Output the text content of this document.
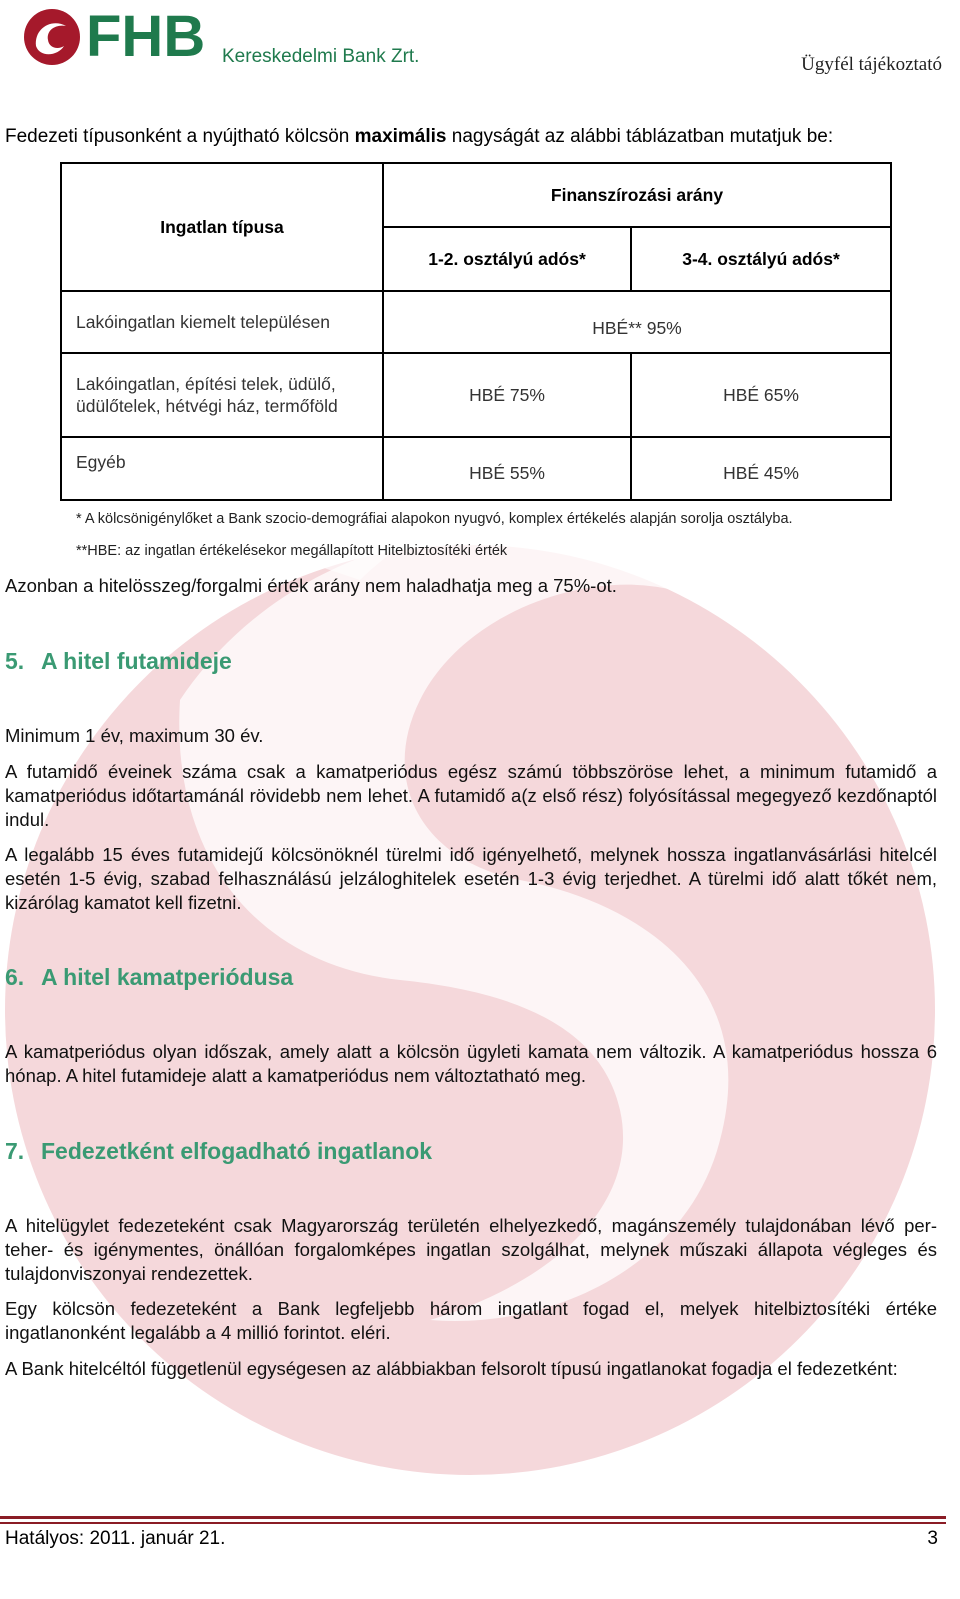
FHB Kereskedelmi Bank Zrt.	Ügyfél tájékoztató
Fedezeti típusonként a nyújtható kölcsön maximális nagyságát az alábbi táblázatban mutatjuk be:
Ingatlan típusa	Finanszírozási arány	
	1-2. osztályú adós*	3-4. osztályú adós*
Lakóingatlan kiemelt településen	HBÉ** 95%	
Lakóingatlan, építési telek, üdülő, üdülőtelek, hétvégi ház, termőföld	HBÉ 75%	HBÉ 65%
Egyéb	HBÉ 55%	HBÉ 45%
* A kölcsönigénylőket a Bank szocio-demográfiai alapokon nyugvó, komplex értékelés alapján sorolja osztályba.
**HBE: az ingatlan értékelésekor megállapított Hitelbiztosítéki érték
Azonban a hitelösszeg/forgalmi érték arány nem haladhatja meg a 75%-ot.
5. A hitel futamideje
Minimum 1 év, maximum 30 év.
A futamidő éveinek száma csak a kamatperiódus egész számú többszöröse lehet, a minimum futamidő a kamatperiódus időtartamánál rövidebb nem lehet. A futamidő a(z első rész) folyósítással megegyező kezdőnaptól indul.
A legalább 15 éves futamidejű kölcsönöknél türelmi idő igényelhető, melynek hossza ingatlanvásárlási hitelcél esetén 1-5 évig, szabad felhasználású jelzáloghitelek esetén 1-3 évig terjedhet. A türelmi idő alatt tőkét nem, kizárólag kamatot kell fizetni.
6. A hitel kamatperiódusa
A kamatperiódus olyan időszak, amely alatt a kölcsön ügyleti kamata nem változik. A kamatperiódus hossza 6 hónap. A hitel futamideje alatt a kamatperiódus nem változtatható meg.
7. Fedezetként elfogadható ingatlanok
A hitelügylet fedezeteként csak Magyarország területén elhelyezkedő, magánszemély tulajdonában lévő per- teher- és igénymentes, önállóan forgalomképes ingatlan szolgálhat, melynek műszaki állapota végleges és tulajdonviszonyai rendezettek.
Egy kölcsön fedezeteként a Bank legfeljebb három ingatlant fogad el, melyek hitelbiztosítéki értéke ingatlanonként legalább a 4 millió forintot. eléri.
A Bank hitelcéltól függetlenül egységesen az alábbiakban felsorolt típusú ingatlanokat fogadja el fedezetként:
Hatályos: 2011. január 21.	3
